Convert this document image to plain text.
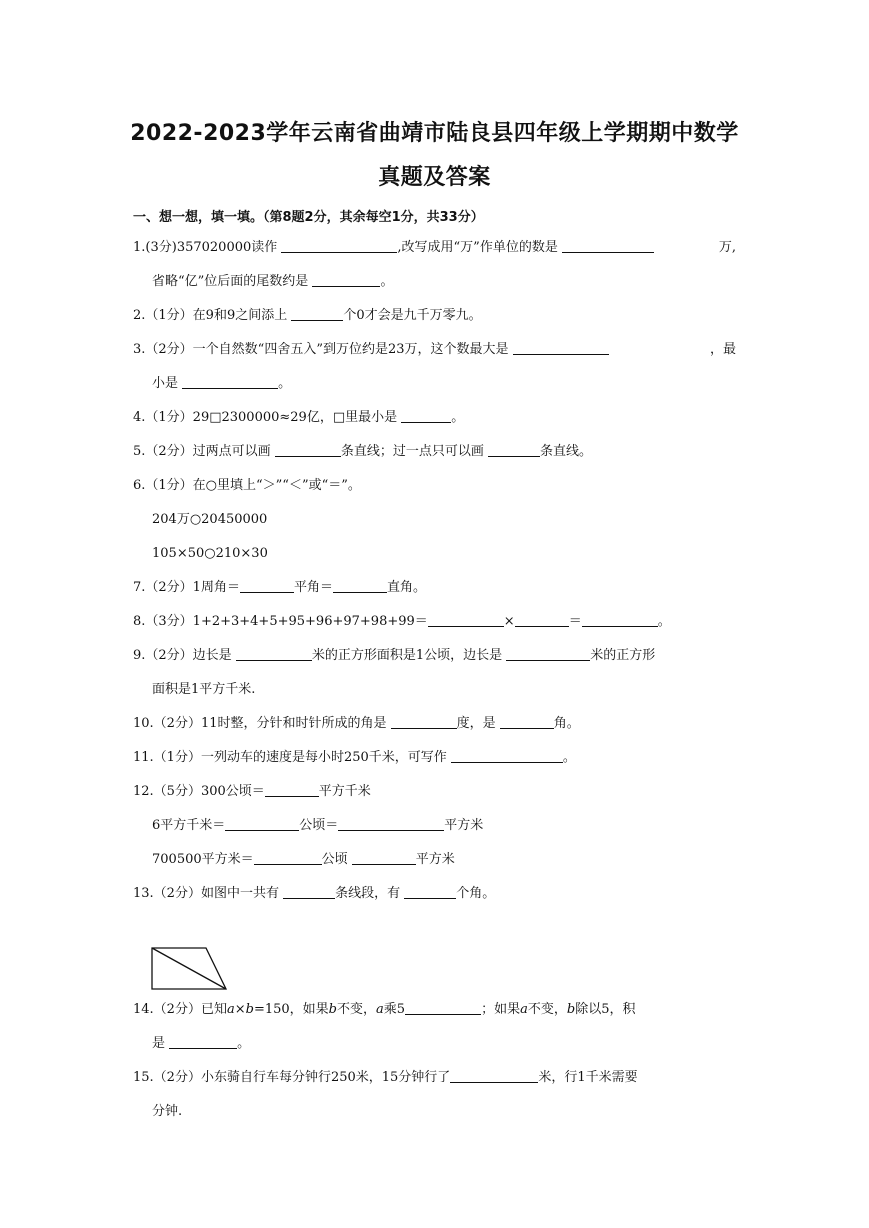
2022-2023学年云南省曲靖市陆良县四年级上学期期中数学
真题及答案
一、想一想，填一填。（第8题2分，其余每空1分，共33分）
1.(3分)357020000读作	,改写成用“万”作单位的数是	万,
省略“亿”位后面的尾数约是	。
2.（1分）在9和9之间添上	个0才会是九千万零九。
3.（2分）一个自然数“四舍五入”到万位约是23万，这个数最大是	，最
小是	。
4.（1分）29□2300000≈29亿，□里最小是	。
5.（2分）过两点可以画	条直线；过一点只可以画	条直线。
6.（1分）在○里填上“＞”“＜”或“＝”。
204万○20450000
105×50○210×30
7.（2分）1周角＝	平角＝	直角。
8.（3分）1+2+3+4+5+95+96+97+98+99＝	×	＝	。
9.（2分）边长是	米的正方形面积是1公顷，边长是	米的正方形
面积是1平方千米.
10.（2分）11时整，分针和时针所成的角是	度，是	角。
11.（1分）一列动车的速度是每小时250千米，可写作	。
12.（5分）300公顷＝	平方千米
6平方千米＝	公顷＝	平方米
700500平方米＝	公顷	平方米
13.（2分）如图中一共有	条线段，有	个角。
14.（2分）已知a×b=150，如果b不变，a乘5	；如果a不变，b除以5，积
是	。
15.（2分）小东骑自行车每分钟行250米，15分钟行了	米，行1千米需要
分钟.
